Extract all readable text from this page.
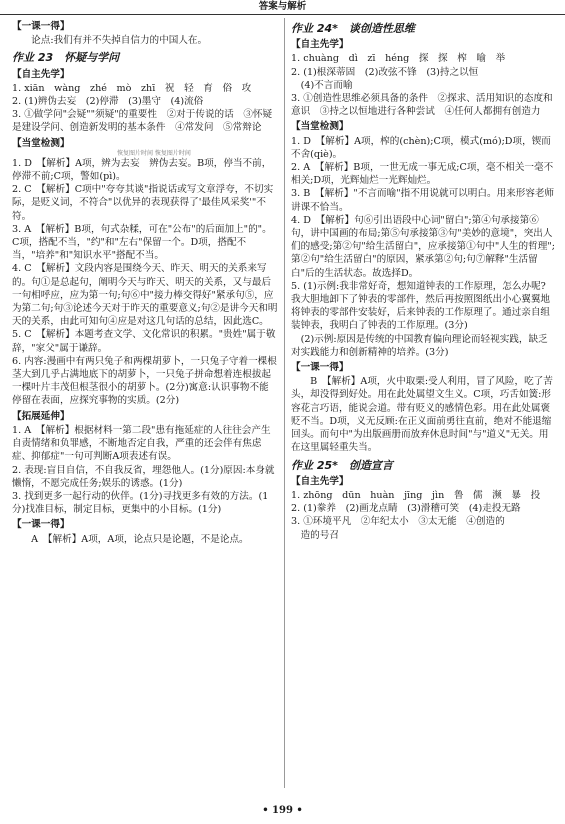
答案与解析
【一课一得】
　　论点:我们有并不失掉自信力的中国人在。
作业 23　怀疑与学问
【自主先学】
1. xiān　wàng　zhé　mò　zhī　祝　轻　育　俗　攻
2. (1)辨伪去妄　(2)停滞　(3)墨守　(4)流俗
3. ①做学问"会疑""须疑"的重要性　②对于传说的话　③怀疑是建设学问、创造新发明的基本条件　④常发问　⑤常辩论
【当堂检测】
恢复图片时间 恢复图片时间
1. D　【解析】A项，辨为去妄　辨伪去妄。B项，停当不前，停滞不前;C项，警如(pì)。
2. C　【解析】C项中"夸夸其谈"指说话或写文章浮夸，不切实际，是贬义词，不符合"以优异的表现获得了'最佳风采奖'"不符。
3. A　【解析】B项，句式杂糅，可在"公布"的后面加上"的"。C项，搭配不当，"约"和"左右"保留一个。D项，搭配不当，"培养"和"知识水平"搭配不当。
4. C　【解析】文段内容是围绕今天、昨天、明天的关系来写的。句①是总起句，阐明今天与昨天、明天的关系，又与最后一句相呼应，应为第一句;句⑥中"接力棒交得好"紧承句⑤，应为第二句;句③论述今天对于昨天的重要意义;句②是讲今天和明天的关系，由此可知句④应是对这几句话的总结，因此选C。
5. C　【解析】本题考查文学、文化常识的积累。"贵姓"属于敬辞，"家父"属于谦辞。
6. 内容:漫画中有两只兔子和两棵胡萝卜，一只兔子守着一棵根茎大到几乎占满地底下的胡萝卜，一只兔子拼命想着连根拔起一棵叶片丰茂但根茎很小的胡萝卜。(2分)寓意:认识事物不能停留在表面，应探究事物的实质。(2分)
【拓展延伸】
1. A　【解析】根据材料一第二段"患有拖延症的人往往会产生自责情绪和负罪感，不断地否定自我，严重的还会伴有焦虑症、抑郁症"一句可判断A项表述有误。
2. 表现:盲目自信，不自我反省，埋怨他人。(1分)原因:本身就懒惰，不愿完成任务;娱乐的诱惑。(1分)
3. 找到更多一起行动的伙伴。(1分)寻找更多有效的方法。(1分)找准目标，制定目标，更集中的小目标。(1分)
【一课一得】
　　A　【解析】A项，A项，论点只是论题，不是论点。
作业 24*　谈创造性思维
【自主先学】
1. chuàng　dì　zī　héng　探　探　榨　喻　举
2. (1)根深蒂固　(2)改弦不锋　(3)持之以恒
　(4)不言而喻
3. ①创造性思维必须具备的条件　②探求、活用知识的态度和意识　③持之以恒地进行各种尝试　④任何人都拥有创造力
【当堂检测】
1. D　【解析】A项，榨的(chèn);C项，模式(mó);D项，锲而不舍(qiè)。
2. A　【解析】B项，一世无成一事无成;C项，毫不相关一毫不相关;D项，光辉灿烂一光辉灿烂。
3. B　【解析】"不言而喻"指不用说就可以明白。用来形容老师讲课不恰当。
4. D　【解析】句⑥引出语段中心词"留白";第④句承接第⑥句，讲中国画的布局;第⑤句承接第③句"美妙的意境"，突出人们的感受;第②句"给生活留白"，应承接第①句中"人生的哲理";第②句"给生活留白"的原因，紧承第②句;句⑦解释"生活留白"后的生活状态。故选择D。
5. (1)示例:我非常好奇，想知道钟表的工作原理，怎么办呢?我大胆地卸下了钟表的零部件，然后再按照图纸出小心翼翼地将钟表的零部件安装好，后来钟表的工作原理了。通过亲自组装钟表，我明白了钟表的工作原理。(3分)
　(2)示例:原因是传统的中国教育偏向理论而轻视实践，缺乏对实践能力和创新精神的培养。(3分)
【一课一得】
　　B　【解析】A项，火中取栗:受人利用，冒了风险，吃了苦头，却没得到好处。用在此处属望文生义。C项，巧舌如簧:形容花言巧语，能说会道。带有贬义的感情色彩。用在此处属褒贬不当。D项，义无反顾:在正义面前勇往直前，绝对不能退缩回头。而句中"为出版画册而放弃休息时间"与"道义"无关。用在这里属轻重失当。
作业 25*　创造宣言
【自主先学】
1. zhōng　dūn　huàn　jīng　jìn　鲁　儒　濒　暴　投
2. (1)豢养　(2)画龙点睛　(3)滑稽可笑　(4)走投无路
3. ①环境平凡　②年纪太小　③太无能　④创造的
　造的号召
• 199 •
